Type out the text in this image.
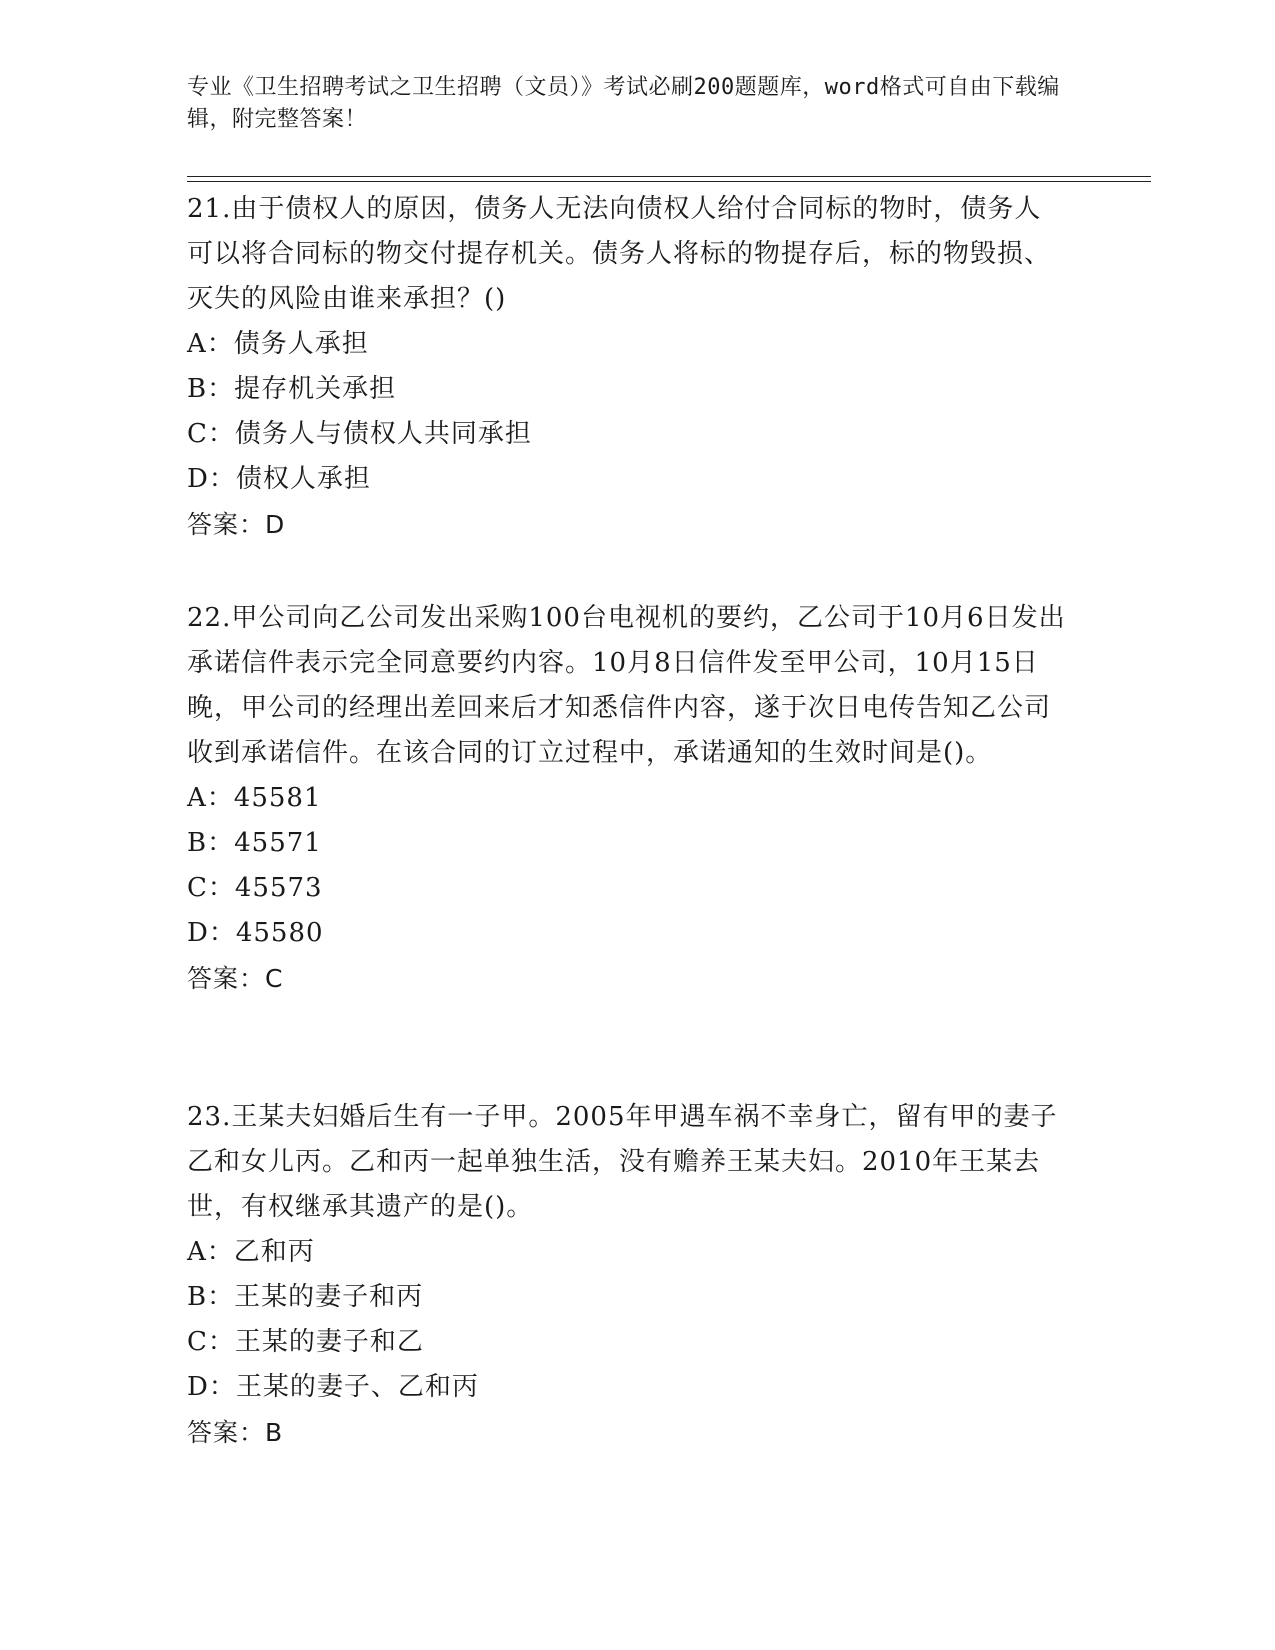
专业《卫生招聘考试之卫生招聘（文员）》考试必刷200题题库，word格式可自由下载编辑，附完整答案！

21.由于债权人的原因，债务人无法向债权人给付合同标的物时，债务人可以将合同标的物交付提存机关。债务人将标的物提存后，标的物毁损、灭失的风险由谁来承担？()

A：债务人承担

B：提存机关承担

C：债务人与债权人共同承担

D：债权人承担

答案：D

22.甲公司向乙公司发出采购100台电视机的要约，乙公司于10月6日发出承诺信件表示完全同意要约内容。10月8日信件发至甲公司，10月15日晚，甲公司的经理出差回来后才知悉信件内容，遂于次日电传告知乙公司收到承诺信件。在该合同的订立过程中，承诺通知的生效时间是()。

A：45581

B：45571

C：45573

D：45580

答案：C

23.王某夫妇婚后生有一子甲。2005年甲遇车祸不幸身亡，留有甲的妻子乙和女儿丙。乙和丙一起单独生活，没有赡养王某夫妇。2010年王某去世，有权继承其遗产的是()。

A：乙和丙

B：王某的妻子和丙

C：王某的妻子和乙

D：王某的妻子、乙和丙

答案：B
